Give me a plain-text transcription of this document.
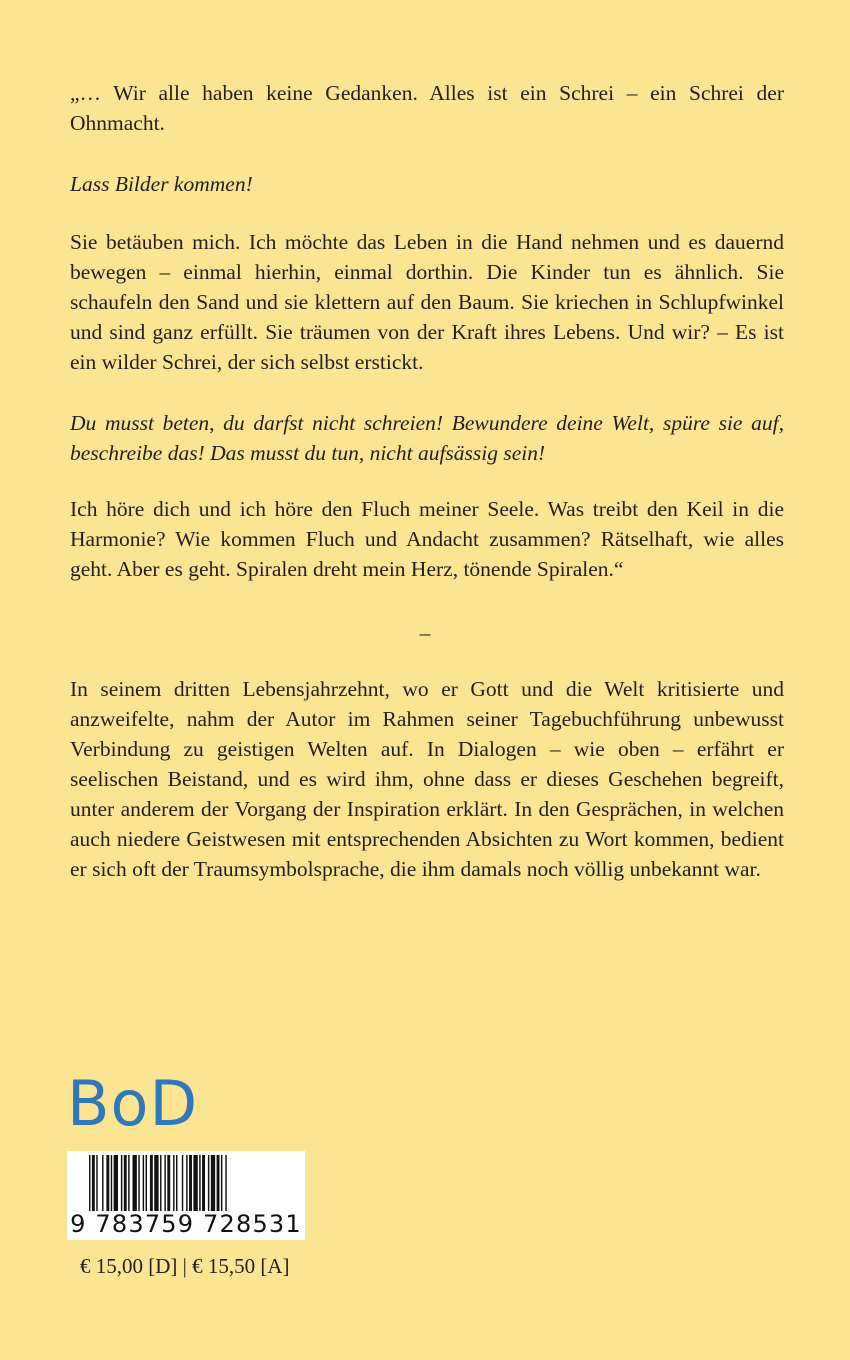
„… Wir alle haben keine Gedanken. Alles ist ein Schrei – ein Schrei der Ohnmacht.

Lass Bilder kommen!

Sie betäuben mich. Ich möchte das Leben in die Hand nehmen und es dauernd bewegen – einmal hierhin, einmal dorthin. Die Kinder tun es ähnlich. Sie schaufeln den Sand und sie klettern auf den Baum. Sie kriechen in Schlupfwinkel und sind ganz erfüllt. Sie träumen von der Kraft ihres Lebens. Und wir? – Es ist ein wilder Schrei, der sich selbst erstickt.

Du musst beten, du darfst nicht schreien! Bewundere deine Welt, spüre sie auf, beschreibe das! Das musst du tun, nicht aufsässig sein!

Ich höre dich und ich höre den Fluch meiner Seele. Was treibt den Keil in die Harmonie? Wie kommen Fluch und Andacht zusammen? Rätselhaft, wie alles geht. Aber es geht. Spiralen dreht mein Herz, tönende Spiralen.“

–

In seinem dritten Lebensjahrzehnt, wo er Gott und die Welt kritisierte und anzweifelte, nahm der Autor im Rahmen seiner Tagebuchführung unbewusst Verbindung zu geistigen Welten auf. In Dialogen – wie oben – erfährt er seelischen Beistand, und es wird ihm, ohne dass er dieses Geschehen begreift, unter anderem der Vorgang der Inspiration erklärt. In den Gesprächen, in welchen auch niedere Geistwesen mit entsprechenden Absichten zu Wort kommen, bedient er sich oft der Traumsymbolsprache, die ihm damals noch völlig unbekannt war.

BoD
9 783759 728531

€ 15,00 [D] | € 15,50 [A]
